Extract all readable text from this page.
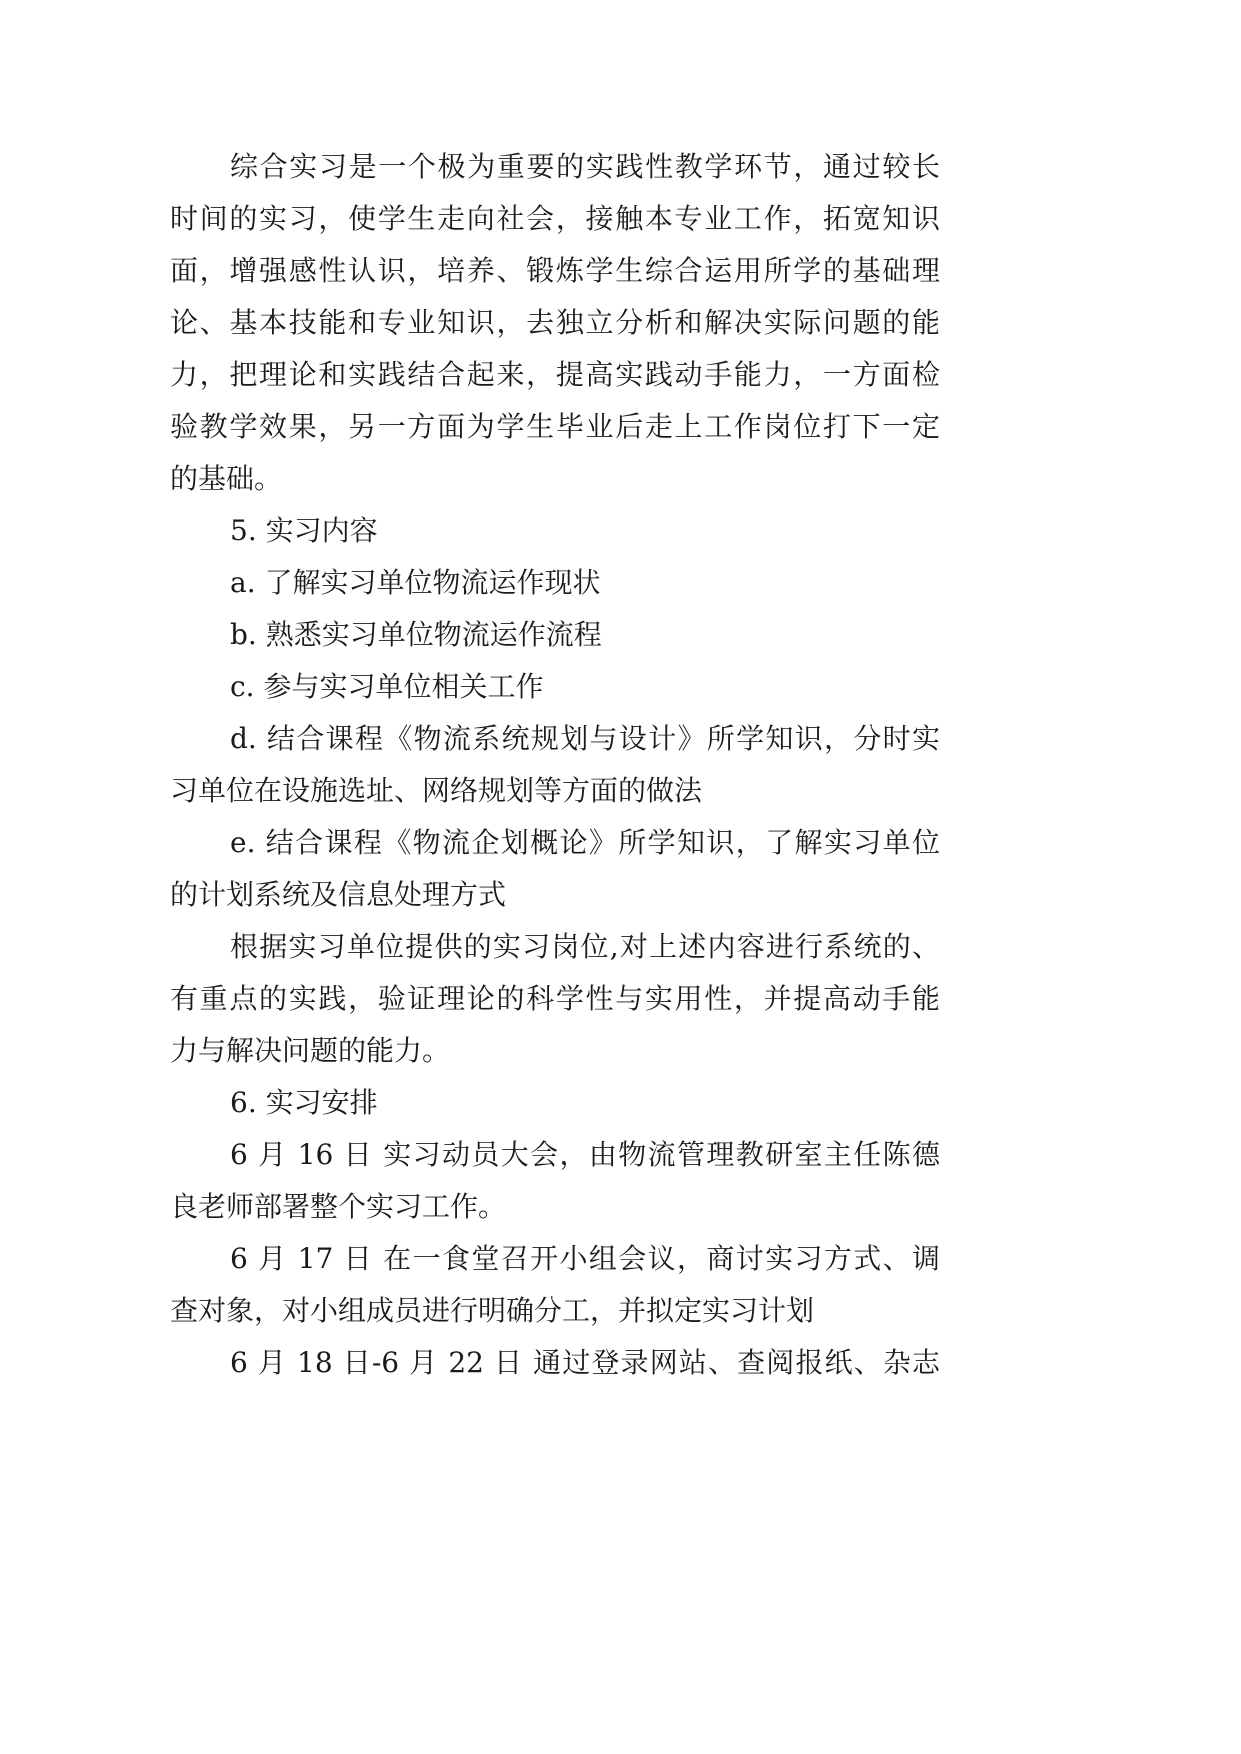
综合实习是一个极为重要的实践性教学环节，通过较长
时间的实习，使学生走向社会，接触本专业工作，拓宽知识
面，增强感性认识，培养、锻炼学生综合运用所学的基础理
论、基本技能和专业知识，去独立分析和解决实际问题的能
力，把理论和实践结合起来，提高实践动手能力，一方面检
验教学效果，另一方面为学生毕业后走上工作岗位打下一定
的基础。
5. 实习内容
a. 了解实习单位物流运作现状
b. 熟悉实习单位物流运作流程
c. 参与实习单位相关工作
d. 结合课程《物流系统规划与设计》所学知识，分时实
习单位在设施选址、网络规划等方面的做法
e. 结合课程《物流企划概论》所学知识，了解实习单位
的计划系统及信息处理方式
根据实习单位提供的实习岗位,对上述内容进行系统的、
有重点的实践，验证理论的科学性与实用性，并提高动手能
力与解决问题的能力。
6. 实习安排
6 月 16 日 实习动员大会，由物流管理教研室主任陈德
良老师部署整个实习工作。
6 月 17 日 在一食堂召开小组会议，商讨实习方式、调
查对象，对小组成员进行明确分工，并拟定实习计划
6 月 18 日-6 月 22 日 通过登录网站、查阅报纸、杂志
